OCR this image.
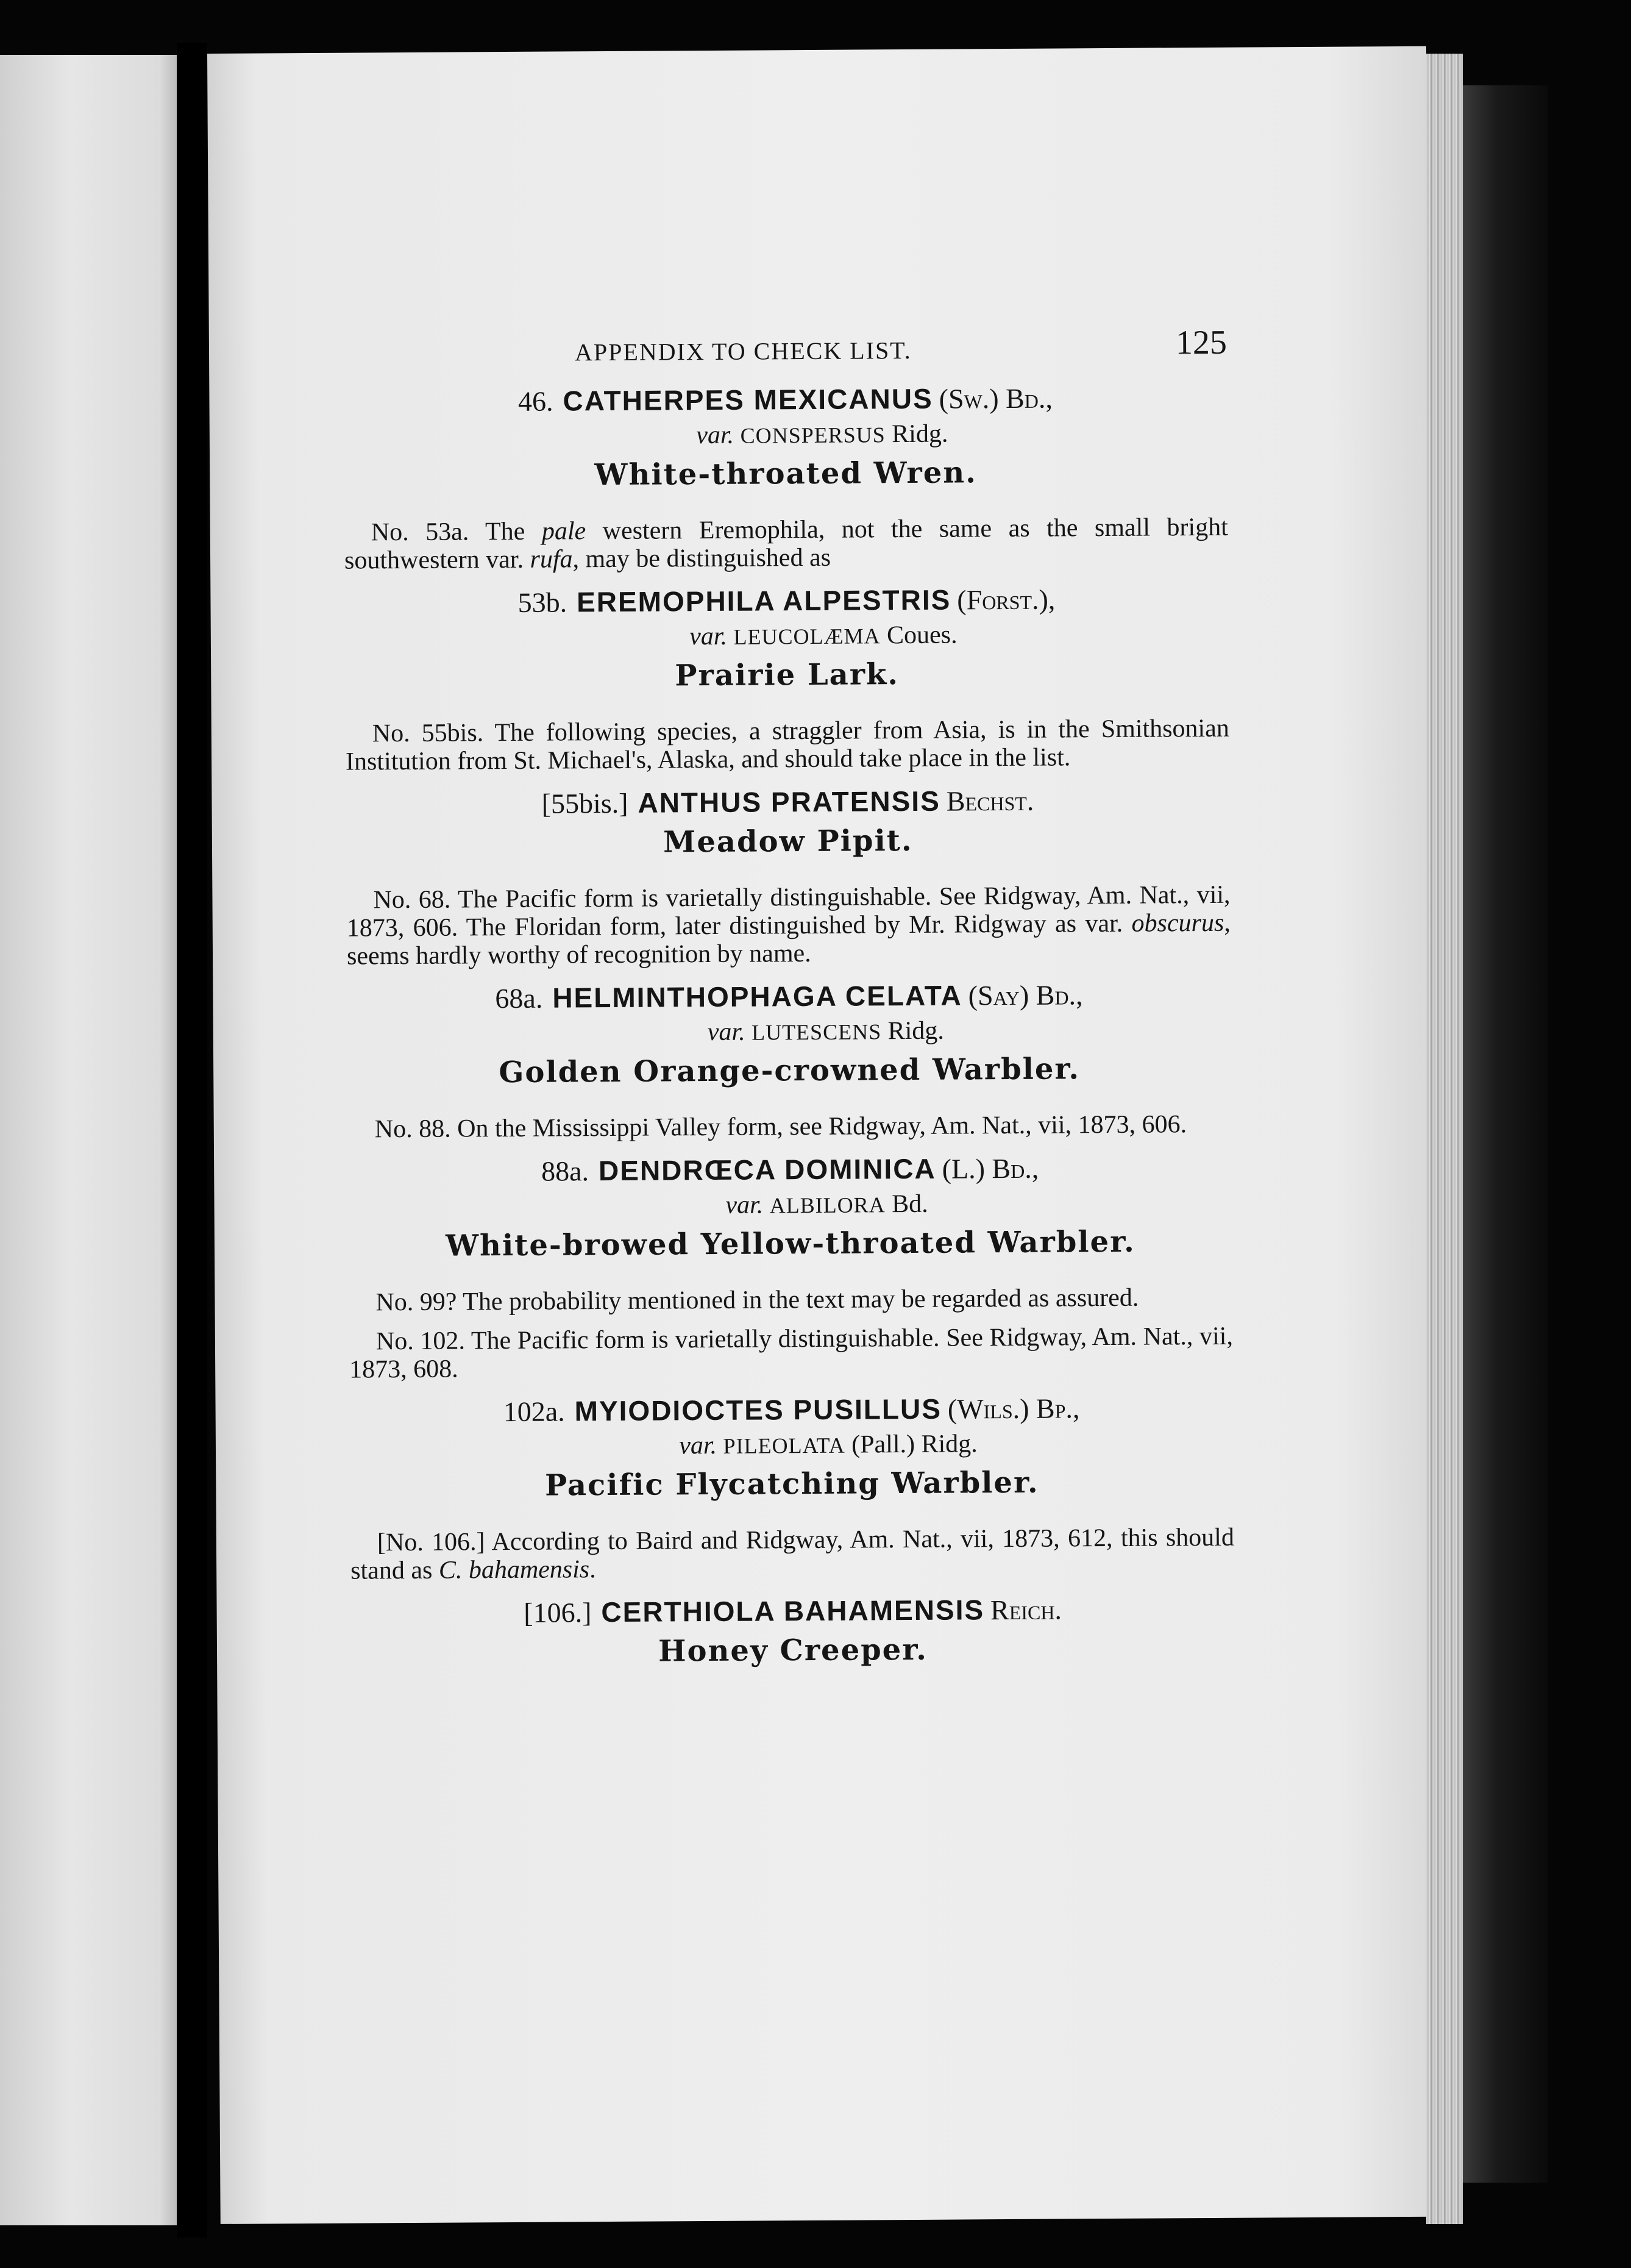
APPENDIX TO CHECK LIST.	125
46. CATHERPES MEXICANUS (Sw.) Bd.,
var. CONSPERSUS Ridg.
White-throated Wren.

No. 53a. The pale western Eremophila, not the same as the small bright southwestern var. rufa, may be distinguished as

53b. EREMOPHILA ALPESTRIS (Forst.),
var. LEUCOLÆMA Coues.
Prairie Lark.

No. 55bis. The following species, a straggler from Asia, is in the Smithsonian Institution from St. Michael's, Alaska, and should take place in the list.

[55bis.] ANTHUS PRATENSIS Bechst.
Meadow Pipit.

No. 68. The Pacific form is varietally distinguishable. See Ridgway, Am. Nat., vii, 1873, 606. The Floridan form, later distinguished by Mr. Ridgway as var. obscurus, seems hardly worthy of recognition by name.

68a. HELMINTHOPHAGA CELATA (Say) Bd.,
var. LUTESCENS Ridg.
Golden Orange-crowned Warbler.

No. 88. On the Mississippi Valley form, see Ridgway, Am. Nat., vii, 1873, 606.

88a. DENDRŒCA DOMINICA (L.) Bd.,
var. ALBILORA Bd.
White-browed Yellow-throated Warbler.

No. 99? The probability mentioned in the text may be regarded as assured.

No. 102. The Pacific form is varietally distinguishable. See Ridgway, Am. Nat., vii, 1873, 608.

102a. MYIODIOCTES PUSILLUS (Wils.) Bp.,
var. PILEOLATA (Pall.) Ridg.
Pacific Flycatching Warbler.

[No. 106.] According to Baird and Ridgway, Am. Nat., vii, 1873, 612, this should stand as C. bahamensis.

[106.] CERTHIOLA BAHAMENSIS Reich.
Honey Creeper.
